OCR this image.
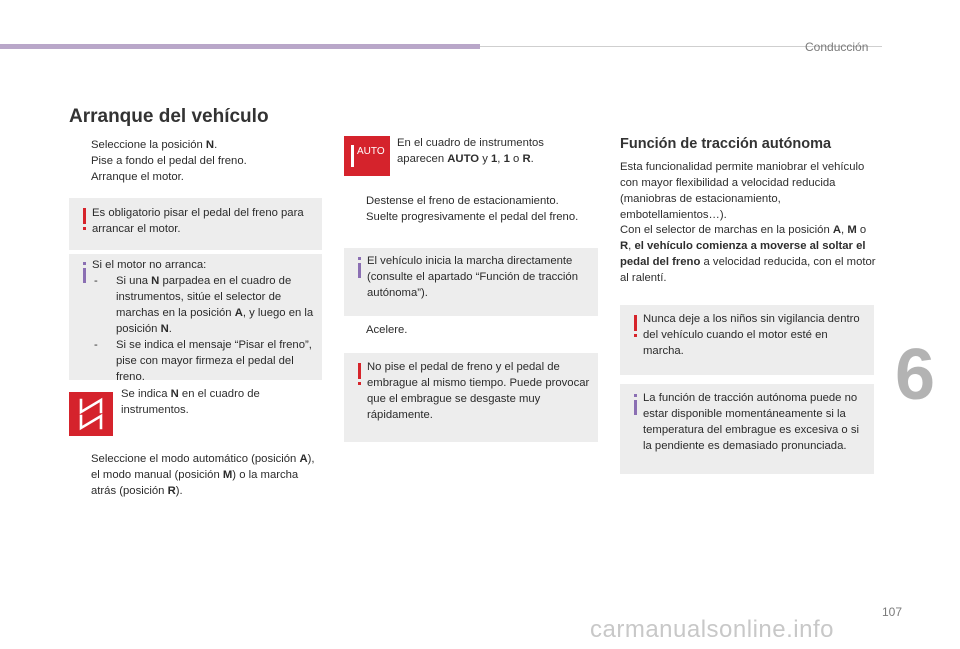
Conducción
6
107
carmanualsonline.info
Arranque del vehículo
Seleccione la posición N.
Pise a fondo el pedal del freno.
Arranque el motor.
Es obligatorio pisar el pedal del freno para arrancar el motor.
Si el motor no arranca:
- Si una N parpadea en el cuadro de instrumentos, sitúe el selector de marchas en la posición A, y luego en la posición N.
- Si se indica el mensaje “Pisar el freno”, pise con mayor firmeza el pedal del freno.
Se indica N en el cuadro de instrumentos.
Seleccione el modo automático (posición A), el modo manual (posición M) o la marcha atrás (posición R).
AUTO
En el cuadro de instrumentos aparecen AUTO y 1, 1 o R.
Destense el freno de estacionamiento.
Suelte progresivamente el pedal del freno.
El vehículo inicia la marcha directamente (consulte el apartado “Función de tracción autónoma”).
Acelere.
No pise el pedal de freno y el pedal de embrague al mismo tiempo. Puede provocar que el embrague se desgaste muy rápidamente.
Función de tracción autónoma
Esta funcionalidad permite maniobrar el vehículo con mayor flexibilidad a velocidad reducida (maniobras de estacionamiento, embotellamientos…).
Con el selector de marchas en la posición A, M o R, el vehículo comienza a moverse al soltar el pedal del freno a velocidad reducida, con el motor al ralentí.
Nunca deje a los niños sin vigilancia dentro del vehículo cuando el motor esté en marcha.
La función de tracción autónoma puede no estar disponible momentáneamente si la temperatura del embrague es excesiva o si la pendiente es demasiado pronunciada.
